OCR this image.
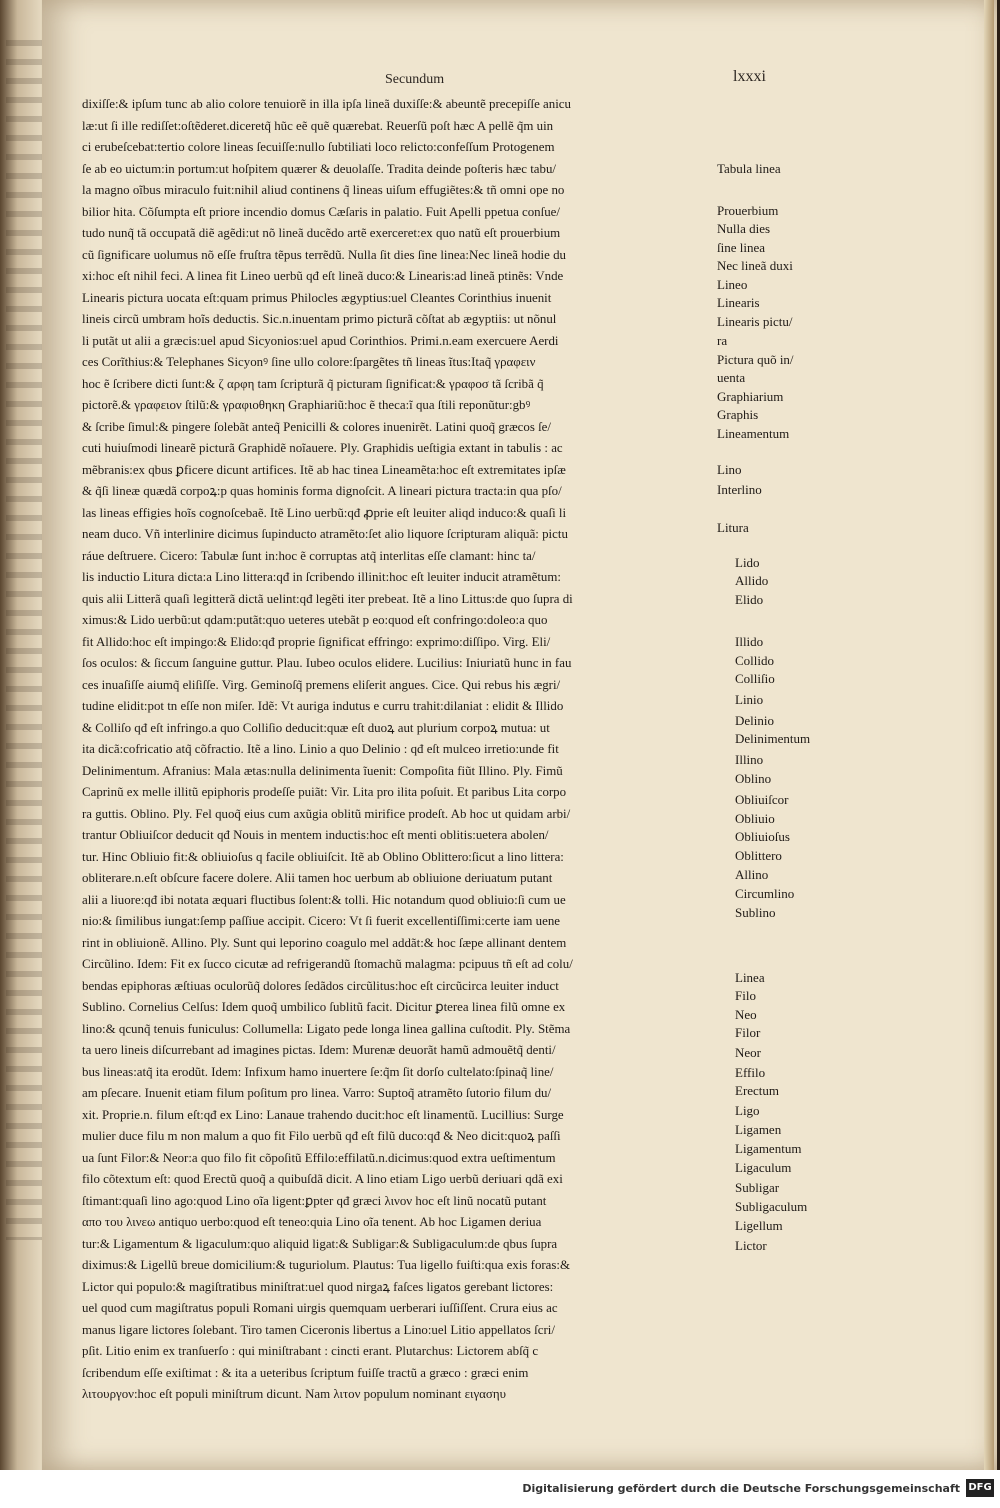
Secundum	lxxxi
dixiſſe:& ipſum tunc ab alio colore tenuiorẽ in illa ipſa lineã duxiſſe:& abeuntẽ precepiſſe anicu
læ:ut ſi ille rediſſet:oſtẽderet.diceretq̃ hũc eẽ quẽ quærebat. Reuerſũ poſt hæc A pellẽ q̃m uin
ci erubeſcebat:tertio colore lineas ſecuiſſe:nullo ſubtiliati loco relicto:confeſſum Protogenem
ſe ab eo uictum:in portum:ut hoſpitem quærer & deuolaſſe. Tradita deinde poſteris hæc tabu/
la magno oĩbus miraculo fuit:nihil aliud continens q̃ lineas uiſum effugiẽtes:& tñ omni ope no
bilior hita. Cõſumpta eſt priore incendio domus Cæſaris in palatio. Fuit Apelli ppetua conſue/
tudo nunq̃ tã occupatã diẽ agẽdi:ut nõ lineã ducẽdo artẽ exerceret:ex quo natũ eſt prouerbium
cũ ſignificare uolumus nõ eſſe fruſtra tẽpus terrẽdũ. Nulla ſit dies ſine linea:Nec lineã hodie du
xi:hoc eſt nihil feci. A linea fit Lineo uerbũ qđ eſt lineã duco:& Linearis:ad lineã ptinẽs: Vnde
Linearis pictura uocata eſt:quam primus Philocles ægyptius:uel Cleantes Corinthius inuenit
lineis circũ umbram hoĩs deductis. Sic.n.inuentam primo picturã cõſtat ab ægyptiis: ut nõnul
li putãt ut alii a græcis:uel apud Sicyonios:uel apud Corinthios. Primi.n.eam exercuere Aerdi
ces Corĩthius:& Telephanes Sicyonꝰ ſine ullo colore:ſpargẽtes tñ lineas ĩtus:Itaq̃ γραφειν
hoc ẽ ſcribere dicti ſunt:& ζ αρφη tam ſcripturã q̃ picturam ſignificat:& γραφοσ tã ſcribã q̃
pictorẽ.& γραφειον ſtilũ:& γραφιοθηκη Graphiariũ:hoc ẽ theca:ĩ qua ſtili reponũtur:gbꝰ
& ſcribe ſimul:& pingere ſolebãt anteq̃ Penicilli & colores inuenirẽt. Latini quoq̃ græcos ſe/
cuti huiuſmodi linearẽ picturã Graphidẽ noĩauere. Ply. Graphidis ueſtigia extant in tabulis : ac
mẽbranis:ex qbus ꝑficere dicunt artifices. Itẽ ab hac tinea Lineamẽta:hoc eſt extremitates ipſæ
& q̃ſi lineæ quædã corpoꝝ:p quas hominis forma dignoſcit. A lineari pictura tracta:in qua pſo/
las lineas effigies hoĩs cognoſcebaẽ. Itẽ Lino uerbũ:qđ ꝓprie eſt leuiter aliqd induco:& quaſi li
neam duco. Vñ interlinire dicimus ſupinducto atramẽto:ſet alio liquore ſcripturam aliquã: pictu
ráue deſtruere. Cicero: Tabulæ ſunt in:hoc ẽ corruptas atq̃ interlitas eſſe clamant: hinc ta/
lis inductio Litura dicta:a Lino littera:qđ in ſcribendo illinit:hoc eſt leuiter inducit atramẽtum:
quis alii Litterã quaſi legitterã dictã uelint:qđ legẽti iter prebeat. Itẽ a lino Littus:de quo ſupra di
ximus:& Lido uerbũ:ut qdam:putãt:quo ueteres utebãt p eo:quod eſt confringo:doleo:a quo
fit Allido:hoc eſt impingo:& Elido:qđ proprie ſignificat effringo: exprimo:diſſipo. Virg. Eli/
ſos oculos: & ſiccum ſanguine guttur. Plau. Iubeo oculos elidere. Lucilius: Iniuriatũ hunc in fau
ces inuaſiſſe aiumq̃ eliſiſſe. Virg. Geminoſq̃ premens eliſerit angues. Cice. Qui rebus his ægri/
tudine elidit:pot tn eſſe non miſer. Idẽ: Vt auriga indutus e curru trahit:dilaniat : elidit & Illido
& Colliſo qđ eſt infringo.a quo Colliſio deducit:quæ eſt duoꝝ aut plurium corpoꝝ mutua: ut
ita dicã:cofricatio atq̃ cõfractio. Itẽ a lino. Linio a quo Delinio : qđ eſt mulceo irretio:unde fit
Delinimentum. Afranius: Mala ætas:nulla delinimenta ĩuenit: Compoſita fiũt Illino. Ply. Fimũ
Caprinũ ex melle illitũ epiphoris prodeſſe puiãt: Vir. Lita pro ilita poſuit. Et paribus Lita corpo
ra guttis. Oblino. Ply. Fel quoq̃ eius cum axũgia oblitũ mirifice prodeſt. Ab hoc ut quidam arbi/
trantur Obliuiſcor deducit qđ Nouis in mentem inductis:hoc eſt menti oblitis:uetera abolen/
tur. Hinc Obliuio fit:& obliuioſus q facile obliuiſcit. Itẽ ab Oblino Oblittero:ſicut a lino littera:
obliterare.n.eſt obſcure facere dolere. Alii tamen hoc uerbum ab obliuione deriuatum putant
alii a liuore:qđ ibi notata æquari fluctibus ſolent:& tolli. Hic notandum quod obliuio:ſi cum ue
nio:& ſimilibus iungat:ſemp paſſiue accipit. Cicero: Vt ſi fuerit excellentiſſimi:certe iam uene
rint in obliuionẽ. Allino. Ply. Sunt qui leporino coagulo mel addãt:& hoc ſæpe allinant dentem
Circũlino. Idem: Fit ex ſucco cicutæ ad refrigerandũ ſtomachũ malagma: pcipuus tñ eſt ad colu/
bendas epiphoras æſtiuas oculorũq̃ dolores ſedãdos circũlitus:hoc eſt circũcirca leuiter induct
Sublino. Cornelius Celſus: Idem quoq̃ umbilico ſublitũ facit. Dicitur ꝑterea linea filũ omne ex
lino:& qcunq̃ tenuis funiculus: Collumella: Ligato pede longa linea gallina cuſtodit. Ply. Stẽma
ta uero lineis diſcurrebant ad imagines pictas. Idem: Murenæ deuorãt hamũ admouẽtq̃ denti/
bus lineas:atq̃ ita erodũt. Idem: Infixum hamo inuertere ſe:q̃m ſit dorſo cultelato:ſpinaq̃ line/
am pſecare. Inuenit etiam filum poſitum pro linea. Varro: Suptoq̃ atramẽto ſutorio filum du/
xit. Proprie.n. filum eſt:qđ ex Lino: Lanaue trahendo ducit:hoc eſt linamentũ. Lucillius: Surge
mulier duce filu m non malum a quo fit Filo uerbũ qđ eſt filũ duco:qđ & Neo dicit:quoꝝ paſſi
ua ſunt Filor:& Neor:a quo filo fit cõpoſitũ Effilo:effilatũ.n.dicimus:quod extra ueſtimentum
filo cõtextum eſt: quod Erectũ quoq̃ a quibuſdã dicit. A lino etiam Ligo uerbũ deriuari qdã exi
ſtimant:quaſi lino ago:quod Lino oĩa ligent:ꝑpter qđ græci λινον hoc eſt linũ nocatũ putant
απο του λινεω antiquo uerbo:quod eſt teneo:quia Lino oĩa tenent. Ab hoc Ligamen deriua
tur:& Ligamentum & ligaculum:quo aliquid ligat:& Subligar:& Subligaculum:de qbus ſupra
diximus:& Ligellũ breue domicilium:& tuguriolum. Plautus: Tua ligello fuiſti:qua exis foras:&
Lictor qui populo:& magiſtratibus miniſtrat:uel quod nirgaꝝ faſces ligatos gerebant lictores:
uel quod cum magiſtratus populi Romani uirgis quemquam uerberari iuſſiſſent. Crura eius ac
manus ligare lictores ſolebant. Tiro tamen Ciceronis libertus a Lino:uel Litio appellatos ſcri/
pſit. Litio enim ex tranſuerſo : qui miniſtrabant : cincti erant. Plutarchus: Lictorem abſq̃ c
ſcribendum eſſe exiſtimat : & ita a ueteribus ſcriptum fuiſſe tractũ a græco : græci enim
λιτουργον:hoc eſt populi miniſtrum dicunt. Nam λιτον populum nominant ειγασηυ
Tabula linea
Prouerbium
Nulla dies
ſine linea
Nec lineã duxi
Lineo
Linearis
Linearis pictu/
ra
Pictura quõ in/
uenta
Graphiarium
Graphis
Lineamentum
Lino
Interlino
Litura
Lido
Allido
Elido
Illido
Collido
Colliſio
Linio
Delinio
Delinimentum
Illino
Oblino
Obliuiſcor
Obliuio
Obliuioſus
Oblittero
Allino
Circumlino
Sublino
Linea
Filo
Neo
Filor
Neor
Effilo
Erectum
Ligo
Ligamen
Ligamentum
Ligaculum
Subligar
Subligaculum
Ligellum
Lictor
Digitalisierung gefördert durch die Deutsche Forschungsgemeinschaft DFG
